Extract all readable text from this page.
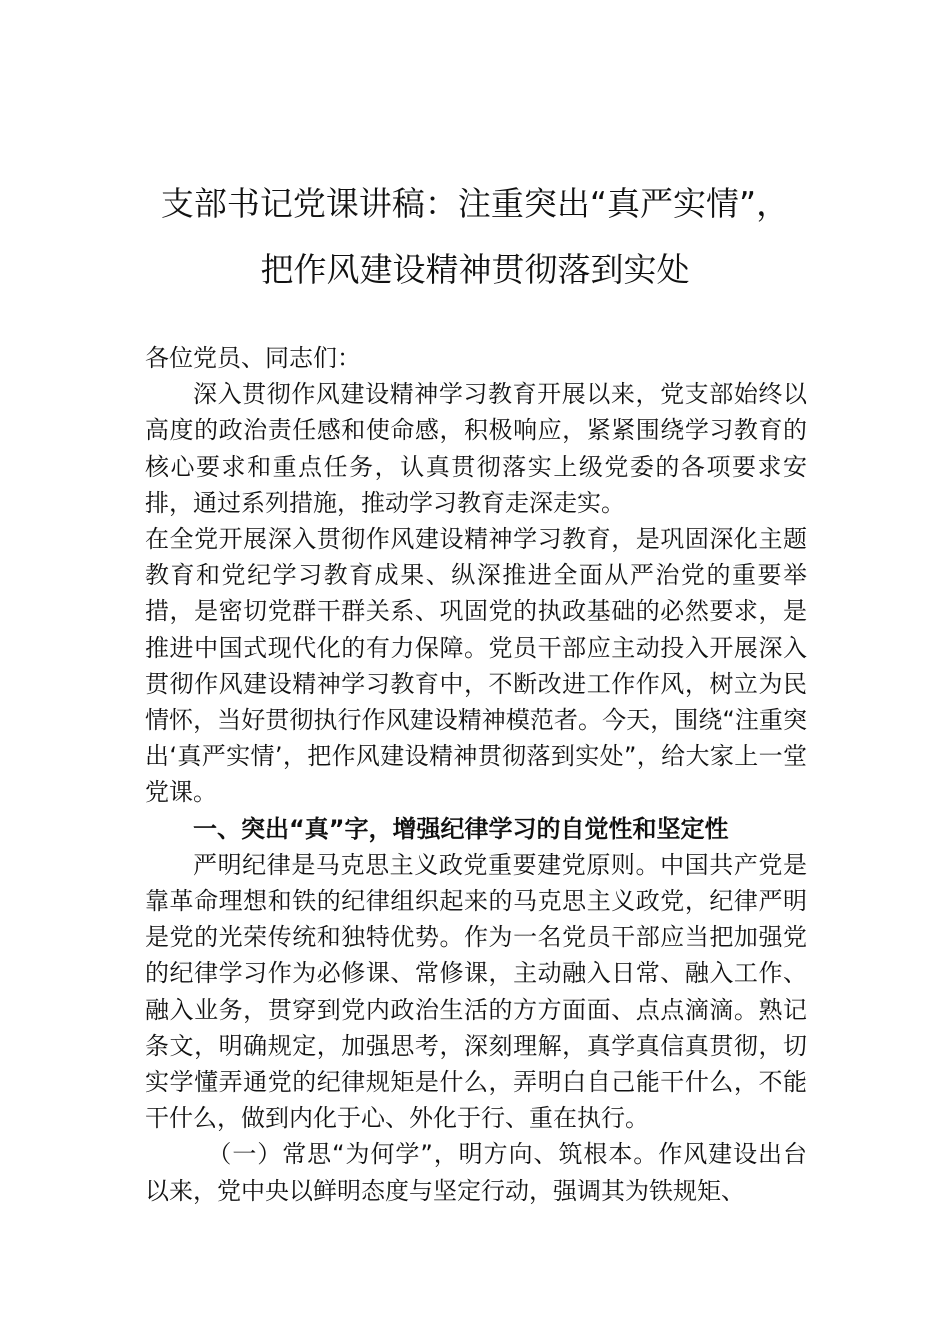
支部书记党课讲稿：注重突出“真严实情”，
把作风建设精神贯彻落到实处

各位党员、同志们：

深入贯彻作风建设精神学习教育开展以来，党支部始终以高度的政治责任感和使命感，积极响应，紧紧围绕学习教育的核心要求和重点任务，认真贯彻落实上级党委的各项要求安排，通过系列措施，推动学习教育走深走实。

在全党开展深入贯彻作风建设精神学习教育，是巩固深化主题教育和党纪学习教育成果、纵深推进全面从严治党的重要举措，是密切党群干群关系、巩固党的执政基础的必然要求，是推进中国式现代化的有力保障。党员干部应主动投入开展深入贯彻作风建设精神学习教育中，不断改进工作作风，树立为民情怀，当好贯彻执行作风建设精神模范者。今天，围绕“注重突出‘真严实情’，把作风建设精神贯彻落到实处”，给大家上一堂党课。

一、突出“真”字，增强纪律学习的自觉性和坚定性

严明纪律是马克思主义政党重要建党原则。中国共产党是靠革命理想和铁的纪律组织起来的马克思主义政党，纪律严明是党的光荣传统和独特优势。作为一名党员干部应当把加强党的纪律学习作为必修课、常修课，主动融入日常、融入工作、融入业务，贯穿到党内政治生活的方方面面、点点滴滴。熟记条文，明确规定，加强思考，深刻理解，真学真信真贯彻，切实学懂弄通党的纪律规矩是什么，弄明白自己能干什么，不能干什么，做到内化于心、外化于行、重在执行。

（一）常思“为何学”，明方向、筑根本。作风建设出台以来，党中央以鲜明态度与坚定行动，强调其为铁规矩、
